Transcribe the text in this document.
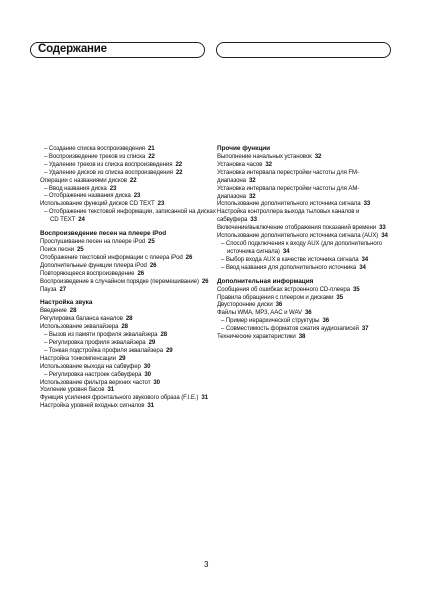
Содержание
– Создание списка воспроизведения 21
– Воспроизведение треков из списка 22
– Удаление треков из списка воспроизведения 22
– Удаление дисков из списка воспроизведения 22
Операции с названиями дисков 22
– Ввод названия диска 23
– Отображение названия диска 23
Использование функций дисков CD TEXT 23
– Отображение текстовой информации, записанной на дисках CD TEXT 24
Воспроизведение песен на плеере iPod
Прослушивание песен на плеере iPod 25
Поиск песни 25
Отображение текстовой информации с плеера iPod 26
Дополнительные функции плеера iPod 26
Повторяющееся воспроизведение 26
Воспроизведение в случайном порядке (перемешивание) 26
Пауза 27
Настройка звука
Введение 28
Регулировка баланса каналов 28
Использование эквалайзера 28
– Вызов из памяти профиля эквалайзера 28
– Регулировка профиля эквалайзера 29
– Тонкая подстройка профиля эквалайзера 29
Настройка тонкомпенсации 29
Использование выхода на сабвуфер 30
– Регулировка настроек сабвуфера 30
Использование фильтра верхних частот 30
Усиление уровня басов 31
Функция усиления фронтального звукового образа (F.I.E.) 31
Настройка уровней входных сигналов 31
Прочие функции
Выполнение начальных установок 32
Установка часов 32
Установка интервала перестройки частоты для FM-диапазона 32
Установка интервала перестройки частоты для AM-диапазона 32
Использование дополнительного источника сигнала 33
Настройка контроллера выхода тыловых каналов и сабвуфера 33
Включение/выключение отображения показаний времени 33
Использование дополнительного источника сигнала (AUX) 34
– Способ подключения к входу AUX (для дополнительного источника сигнала) 34
– Выбор входа AUX в качестве источника сигнала 34
– Ввод названия для дополнительного источника 34
Дополнительная информация
Сообщения об ошибках встроенного CD-плеера 35
Правила обращения с плеером и дисками 35
Двусторонние диски 36
Файлы WMA, MP3, AAC и WAV 36
– Пример иерархической структуры 36
– Совместимость форматов сжатия аудиозаписей 37
Технические характеристики 38
3
